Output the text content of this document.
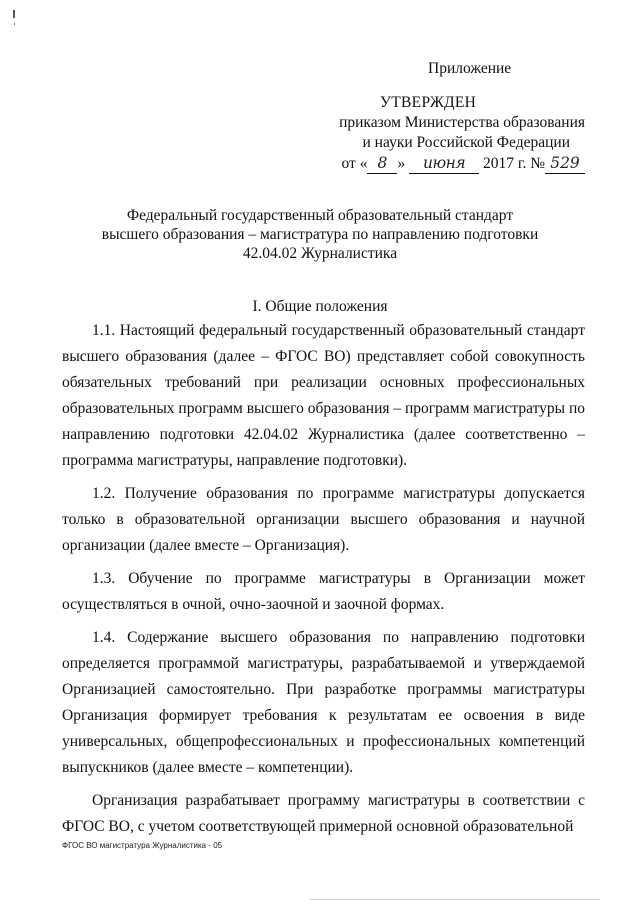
Приложение
УТВЕРЖДЕН
приказом Министерства образования
и науки Российской Федерации
от « 8 » июня 2017 г. № 529
Федеральный государственный образовательный стандарт
высшего образования – магистратура по направлению подготовки
42.04.02 Журналистика
I. Общие положения

1.1. Настоящий федеральный государственный образовательный стандарт высшего образования (далее – ФГОС ВО) представляет собой совокупность обязательных требований при реализации основных профессиональных образовательных программ высшего образования – программ магистратуры по направлению подготовки 42.04.02 Журналистика (далее соответственно – программа магистратуры, направление подготовки).

1.2. Получение образования по программе магистратуры допускается только в образовательной организации высшего образования и научной организации (далее вместе – Организация).

1.3. Обучение по программе магистратуры в Организации может осуществляться в очной, очно-заочной и заочной формах.

1.4. Содержание высшего образования по направлению подготовки определяется программой магистратуры, разрабатываемой и утверждаемой Организацией самостоятельно. При разработке программы магистратуры Организация формирует требования к результатам ее освоения в виде универсальных, общепрофессиональных и профессиональных компетенций выпускников (далее вместе – компетенции).

Организация разрабатывает программу магистратуры в соответствии с ФГОС ВО, с учетом соответствующей примерной основной образовательной

ФГОС ВО магистратура Журналистика - 05
